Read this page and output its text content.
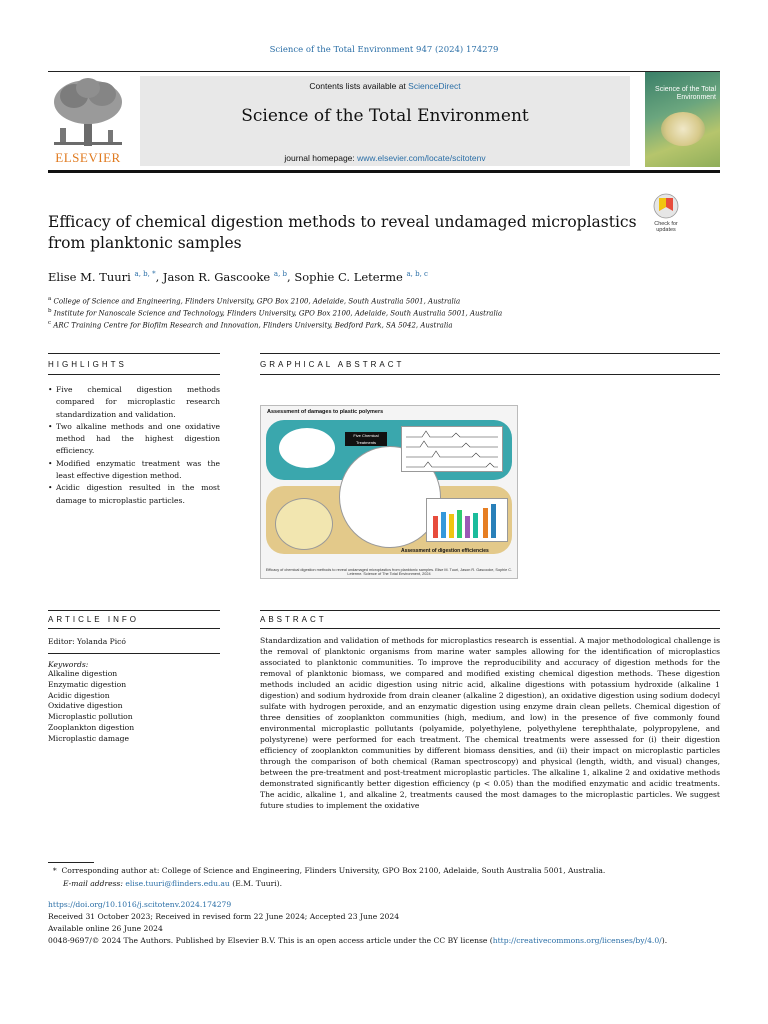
Science of the Total Environment 947 (2024) 174279
ELSEVIER
Contents lists available at ScienceDirect
Science of the Total Environment
journal homepage: www.elsevier.com/locate/scitotenv
Science of the Total Environment
Efficacy of chemical digestion methods to reveal undamaged microplastics from planktonic samples
Check for updates
Elise M. Tuuri $^{a, b, *}$, Jason R. Gascooke $^{a, b}$, Sophie C. Leterme $^{a, b, c}$
$^a$ College of Science and Engineering, Flinders University, GPO Box 2100, Adelaide, South Australia 5001, Australia
$^b$ Institute for Nanoscale Science and Technology, Flinders University, GPO Box 2100, Adelaide, South Australia 5001, Australia
$^c$ ARC Training Centre for Biofilm Research and Innovation, Flinders University, Bedford Park, SA 5042, Australia
HIGHLIGHTS
• Five chemical digestion methods compared for microplastic research standardization and validation.
• Two alkaline methods and one oxidative method had the highest digestion efficiency.
• Modified enzymatic treatment was the least effective digestion method.
• Acidic digestion resulted in the most damage to microplastic particles.
GRAPHICAL ABSTRACT
Assessment of damages to plastic polymers
Five Chemical Treatments
Assessment of digestion efficiencies
Efficacy of chemical digestion methods to reveal undamaged microplastics from planktonic samples. Elise M. Tuuri, Jason R. Gascooke, Sophie C. Leterme. Science of The Total Environment, 2024
ARTICLE INFO
Editor: Yolanda Picó
Keywords:
Alkaline digestion
Enzymatic digestion
Acidic digestion
Oxidative digestion
Microplastic pollution
Zooplankton digestion
Microplastic damage
ABSTRACT
Standardization and validation of methods for microplastics research is essential. A major methodological challenge is the removal of planktonic organisms from marine water samples allowing for the identification of microplastics associated to planktonic communities. To improve the reproducibility and accuracy of digestion methods for the removal of planktonic biomass, we compared and modified existing chemical digestion methods. These digestion methods included an acidic digestion using nitric acid, alkaline digestions with potassium hydroxide (alkaline 1 digestion) and sodium hydroxide from drain cleaner (alkaline 2 digestion), an oxidative digestion using sodium dodecyl sulfate with hydrogen peroxide, and an enzymatic digestion using enzyme drain clean pellets. Chemical digestion of three densities of zooplankton communities (high, medium, and low) in the presence of five commonly found environmental microplastic pollutants (polyamide, polyethylene, polyethylene terephthalate, polypropylene, and polystyrene) were performed for each treatment. The chemical treatments were assessed for (i) their digestion efficiency of zooplankton communities by different biomass densities, and (ii) their impact on microplastic particles through the comparison of both chemical (Raman spectroscopy) and physical (length, width, and visual) changes, between the pre-treatment and post-treatment microplastic particles. The alkaline 1, alkaline 2 and oxidative methods demonstrated significantly better digestion efficiency (p < 0.05) than the modified enzymatic and acidic treatments. The acidic, alkaline 1, and alkaline 2, treatments caused the most damages to the microplastic particles. We suggest future studies to implement the oxidative
*  Corresponding author at: College of Science and Engineering, Flinders University, GPO Box 2100, Adelaide, South Australia 5001, Australia.
E-mail address: elise.tuuri@flinders.edu.au (E.M. Tuuri).
https://doi.org/10.1016/j.scitotenv.2024.174279
Received 31 October 2023; Received in revised form 22 June 2024; Accepted 23 June 2024
Available online 26 June 2024
0048-9697/© 2024 The Authors. Published by Elsevier B.V. This is an open access article under the CC BY license (http://creativecommons.org/licenses/by/4.0/).
